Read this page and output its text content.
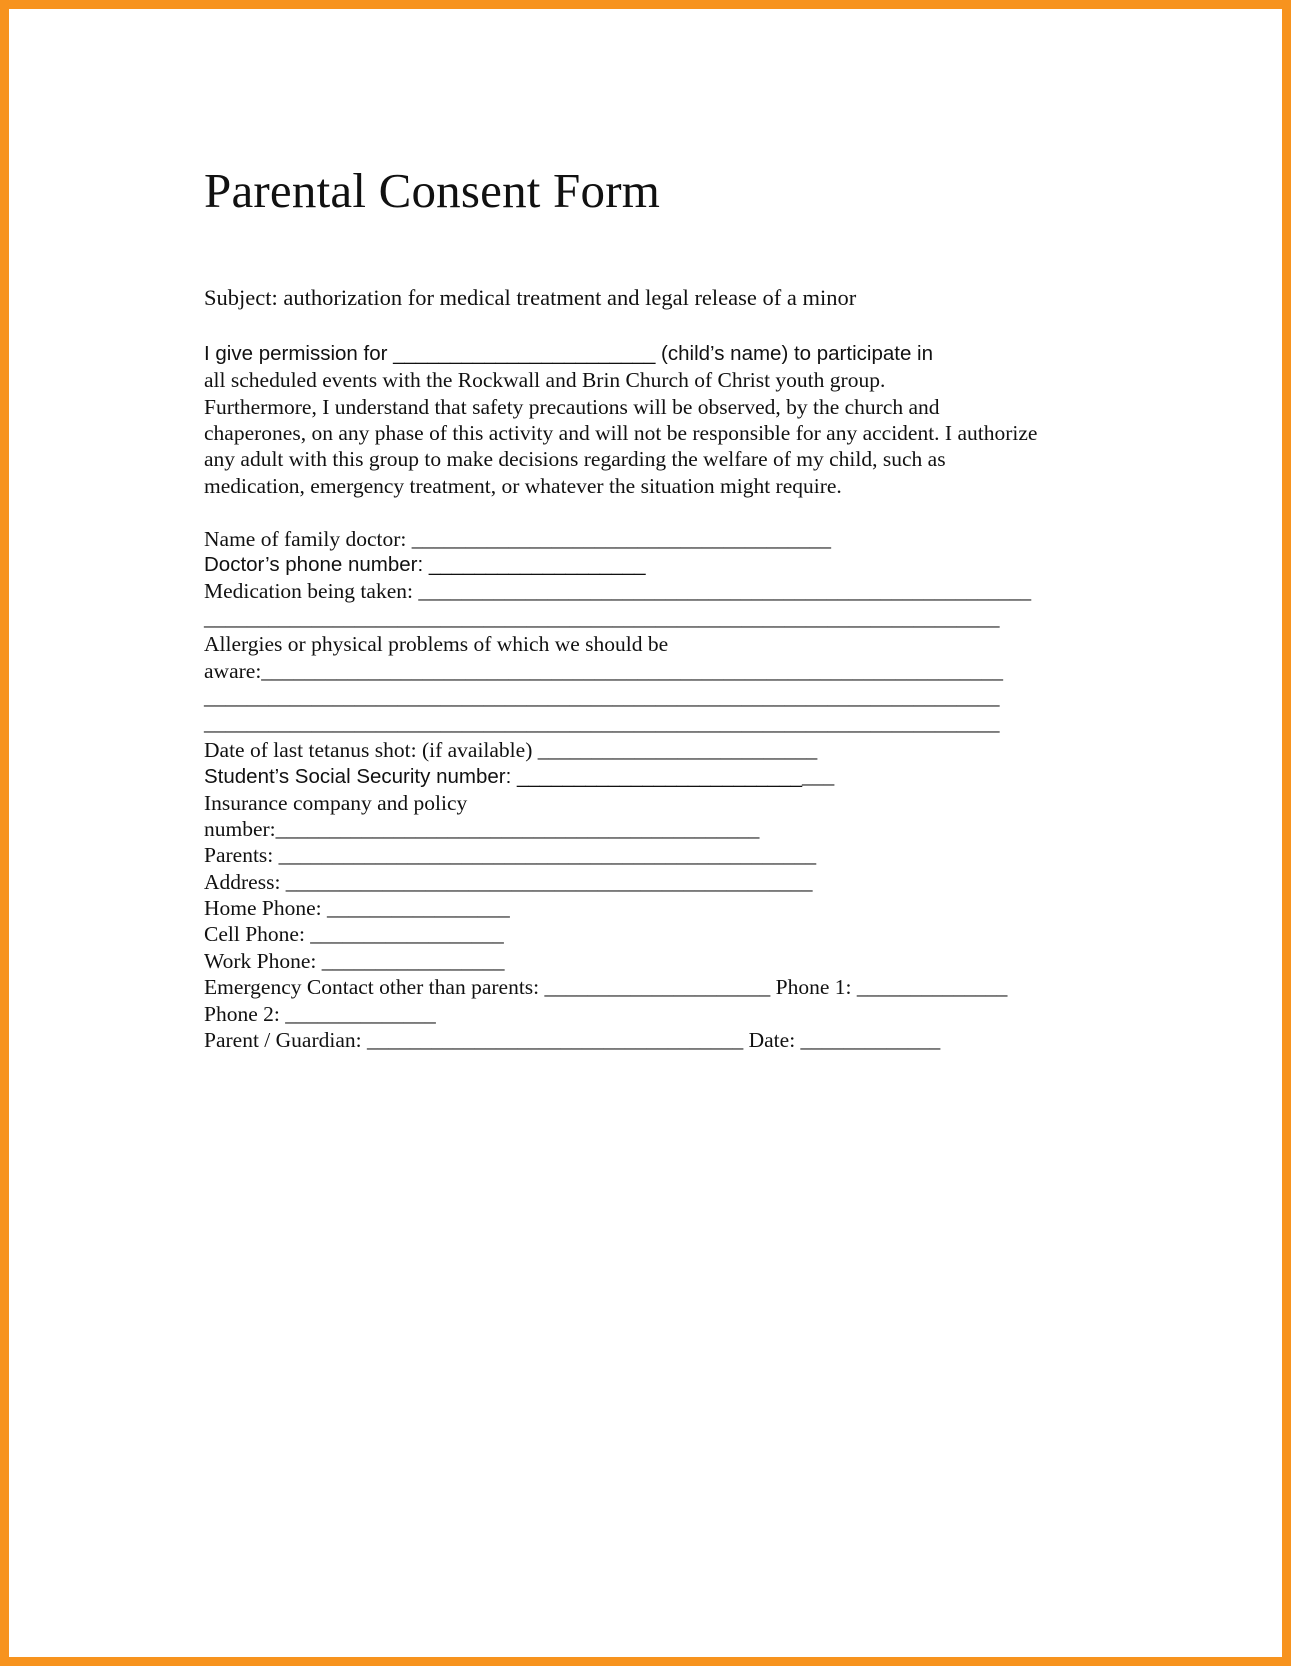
Parental Consent Form
Subject: authorization for medical treatment and legal release of a minor
I give permission for _______________________ (child’s name) to participate in
all scheduled events with the Rockwall and Brin Church of Christ youth group.
Furthermore, I understand that safety precautions will be observed, by the church and
chaperones, on any phase of this activity and will not be responsible for any accident. I authorize
any adult with this group to make decisions regarding the welfare of my child, such as
medication, emergency treatment, or whatever the situation might require.
Name of family doctor: _______________________________________
Doctor’s phone number: ___________________
Medication being taken: _________________________________________________________
__________________________________________________________________________
Allergies or physical problems of which we should be
aware:_____________________________________________________________________
__________________________________________________________________________
__________________________________________________________________________
Date of last tetanus shot: (if available) __________________________
Student’s Social Security number: ____________________________
Insurance company and policy
number:_____________________________________________
Parents: __________________________________________________
Address: _________________________________________________
Home Phone: _________________
Cell Phone: __________________
Work Phone: _________________
Emergency Contact other than parents: _____________________ Phone 1: ______________
Phone 2: ______________
Parent / Guardian: ___________________________________ Date: _____________
